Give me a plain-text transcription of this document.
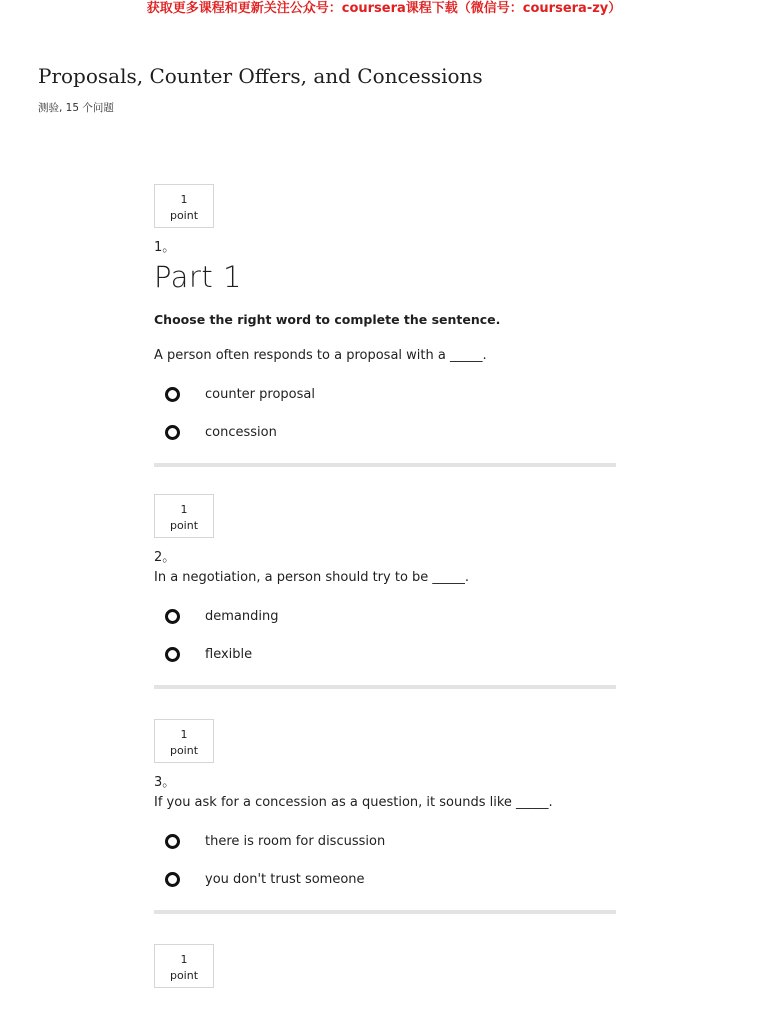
获取更多课程和更新关注公众号：coursera课程下载（微信号：coursera-zy）
Proposals, Counter Offers, and Concessions
测验, 15 个问题
1
point
1。
Part 1
Choose the right word to complete the sentence.
A person often responds to a proposal with a _____.
counter proposal
concession
1
point
2。
In a negotiation, a person should try to be _____.
demanding
flexible
1
point
3。
If you ask for a concession as a question, it sounds like _____.
there is room for discussion
you don't trust someone
1
point
